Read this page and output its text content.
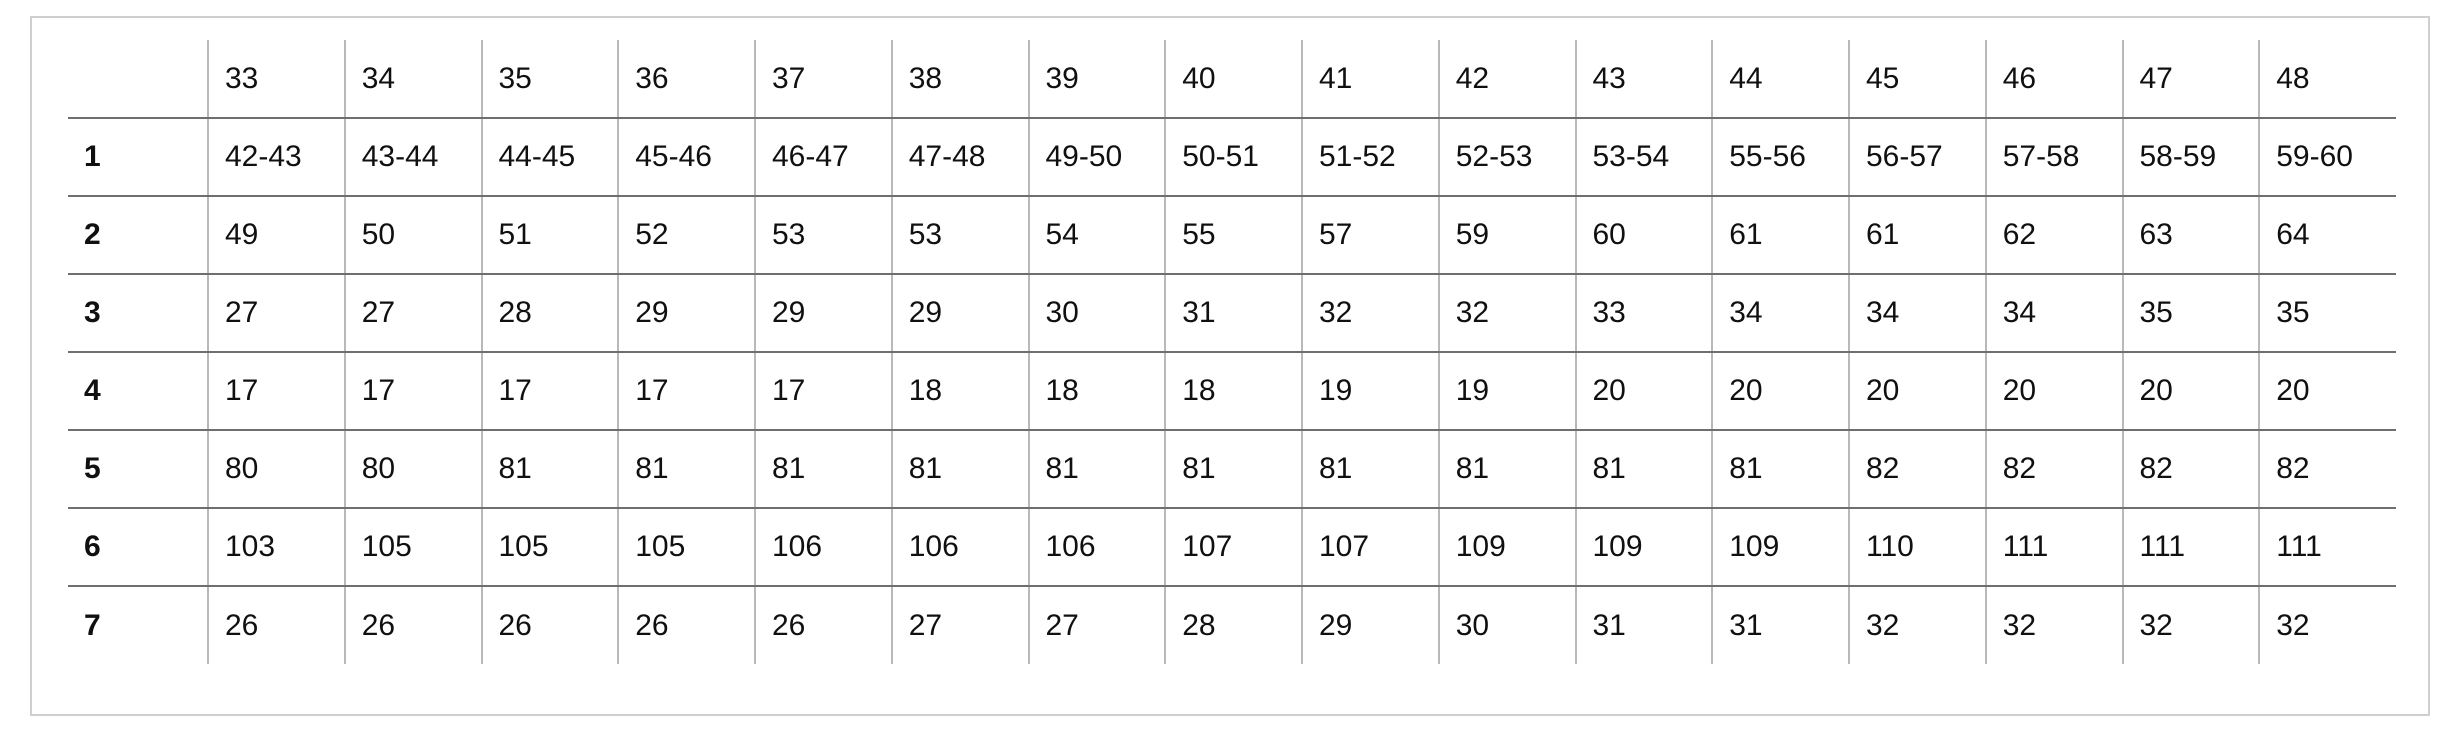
	33	34	35	36	37	38	39	40	41	42	43	44	45	46	47	48
1	42-43	43-44	44-45	45-46	46-47	47-48	49-50	50-51	51-52	52-53	53-54	55-56	56-57	57-58	58-59	59-60
2	49	50	51	52	53	53	54	55	57	59	60	61	61	62	63	64
3	27	27	28	29	29	29	30	31	32	32	33	34	34	34	35	35
4	17	17	17	17	17	18	18	18	19	19	20	20	20	20	20	20
5	80	80	81	81	81	81	81	81	81	81	81	81	82	82	82	82
6	103	105	105	105	106	106	106	107	107	109	109	109	110	111	111	111
7	26	26	26	26	26	27	27	28	29	30	31	31	32	32	32	32
